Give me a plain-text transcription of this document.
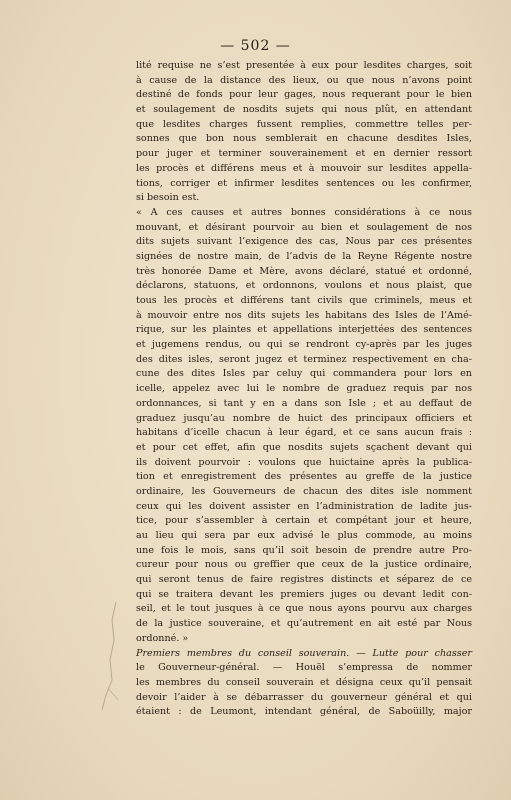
— 502 —
lité requise ne s’est presentée à eux pour lesdites charges, soit
à cause de la distance des lieux, ou que nous n’avons point
destiné de fonds pour leur gages, nous requerant pour le bien
et soulagement de nosdits sujets qui nous plût, en attendant
que lesdites charges fussent remplies, commettre telles per-
sonnes que bon nous semblerait en chacune desdites Isles,
pour juger et terminer souverainement et en dernier ressort
les procès et différens meus et à mouvoir sur lesdites appella-
tions, corriger et infirmer lesdites sentences ou les confirmer,
si besoin est.
« A ces causes et autres bonnes considérations à ce nous
mouvant, et désirant pourvoir au bien et soulagement de nos
dits sujets suivant l’exigence des cas, Nous par ces présentes
signées de nostre main, de l’advis de la Reyne Régente nostre
très honorée Dame et Mère, avons déclaré, statué et ordonné,
déclarons, statuons, et ordonnons, voulons et nous plaist, que
tous les procès et différens tant civils que criminels, meus et
à mouvoir entre nos dits sujets les habitans des Isles de l’Amé-
rique, sur les plaintes et appellations interjettées des sentences
et jugemens rendus, ou qui se rendront cy-après par les juges
des dites isles, seront jugez et terminez respectivement en cha-
cune des dites Isles par celuy qui commandera pour lors en
icelle, appelez avec lui le nombre de graduez requis par nos
ordonnances, si tant y en a dans son Isle ; et au deffaut de
graduez jusqu’au nombre de huict des principaux officiers et
habitans d’icelle chacun à leur égard, et ce sans aucun frais :
et pour cet effet, afin que nosdits sujets sçachent devant qui
ils doivent pourvoir : voulons que huictaine après la publica-
tion et enregistrement des présentes au greffe de la justice
ordinaire, les Gouverneurs de chacun des dites isle nomment
ceux qui les doivent assister en l’administration de ladite jus-
tice, pour s’assembler à certain et compétant jour et heure,
au lieu qui sera par eux advisé le plus commode, au moins
une fois le mois, sans qu’il soit besoin de prendre autre Pro-
cureur pour nous ou greffier que ceux de la justice ordinaire,
qui seront tenus de faire registres distincts et séparez de ce
qui se traitera devant les premiers juges ou devant ledit con-
seil, et le tout jusques à ce que nous ayons pourvu aux charges
de la justice souveraine, et qu’autrement en ait esté par Nous
ordonné. »
Premiers membres du conseil souverain. — Lutte pour chasser
le Gouverneur-général. — Houël s’empressa de nommer
les membres du conseil souverain et désigna ceux qu’il pensait
devoir l’aider à se débarrasser du gouverneur général et qui
étaient : de Leumont, intendant général, de Saboüilly, major
